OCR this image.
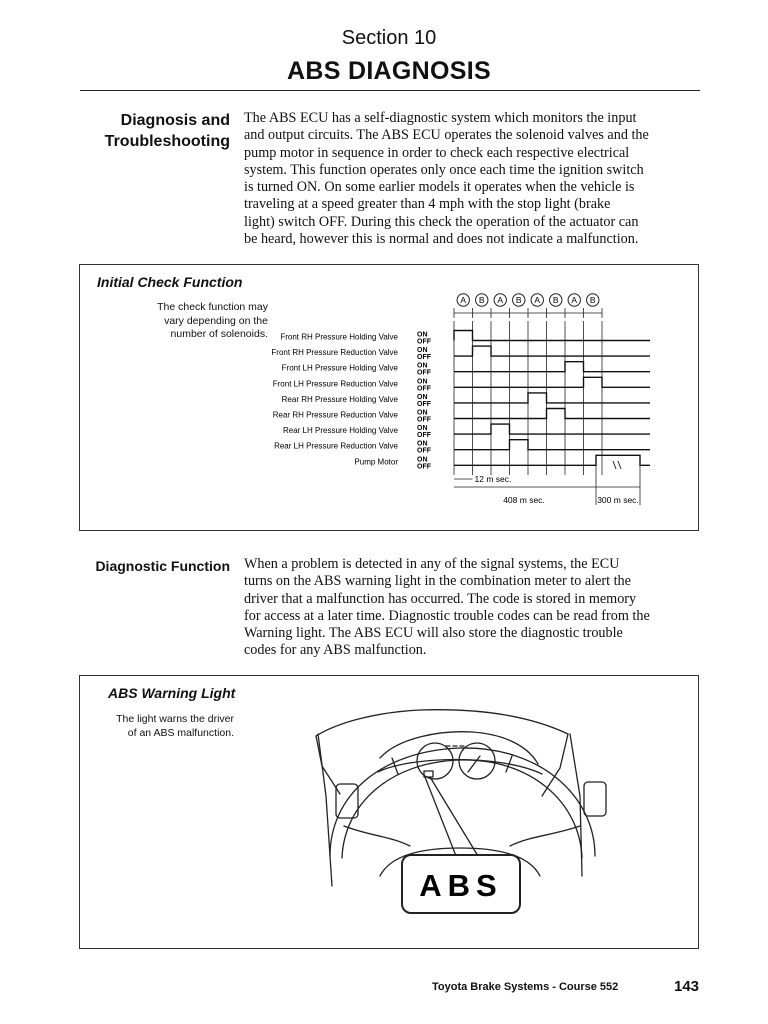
Section 10
ABS DIAGNOSIS
Diagnosis and
Troubleshooting
The ABS ECU has a self-diagnostic system which monitors the input
and output circuits. The ABS ECU operates the solenoid valves and the
pump motor in sequence in order to check each respective electrical
system. This function operates only once each time the ignition switch
is turned ON. On some earlier models it operates when the vehicle is
traveling at a speed greater than 4 mph with the stop light (brake
light) switch OFF. During this check the operation of the actuator can
be heard, however this is normal and does not indicate a malfunction.
Initial Check Function
The check function may
vary depending on the
number of solenoids.
A B A B A B A B
Front RH Pressure Holding Valve	ON
OFF
Front RH Pressure Reduction Valve	ON
OFF
Front LH Pressure Holding Valve	ON
OFF
Front LH Pressure Reduction Valve	ON
OFF
Rear RH Pressure Holding Valve	ON
OFF
Rear RH Pressure Reduction Valve	ON
OFF
Rear LH Pressure Holding Valve	ON
OFF
Rear LH Pressure Reduction Valve	ON
OFF
Pump Motor	ON
OFF
12 m sec.
408 m sec.	300 m sec.
Diagnostic Function When a problem is detected in any of the signal systems, the ECU
turns on the ABS warning light in the combination meter to alert the
driver that a malfunction has occurred. The code is stored in memory
for access at a later time. Diagnostic trouble codes can be read from the
Warning light. The ABS ECU will also store the diagnostic trouble
codes for any ABS malfunction.
ABS Warning Light
The light warns the driver
of an ABS malfunction.
ABS
Toyota Brake Systems - Course 552	143
